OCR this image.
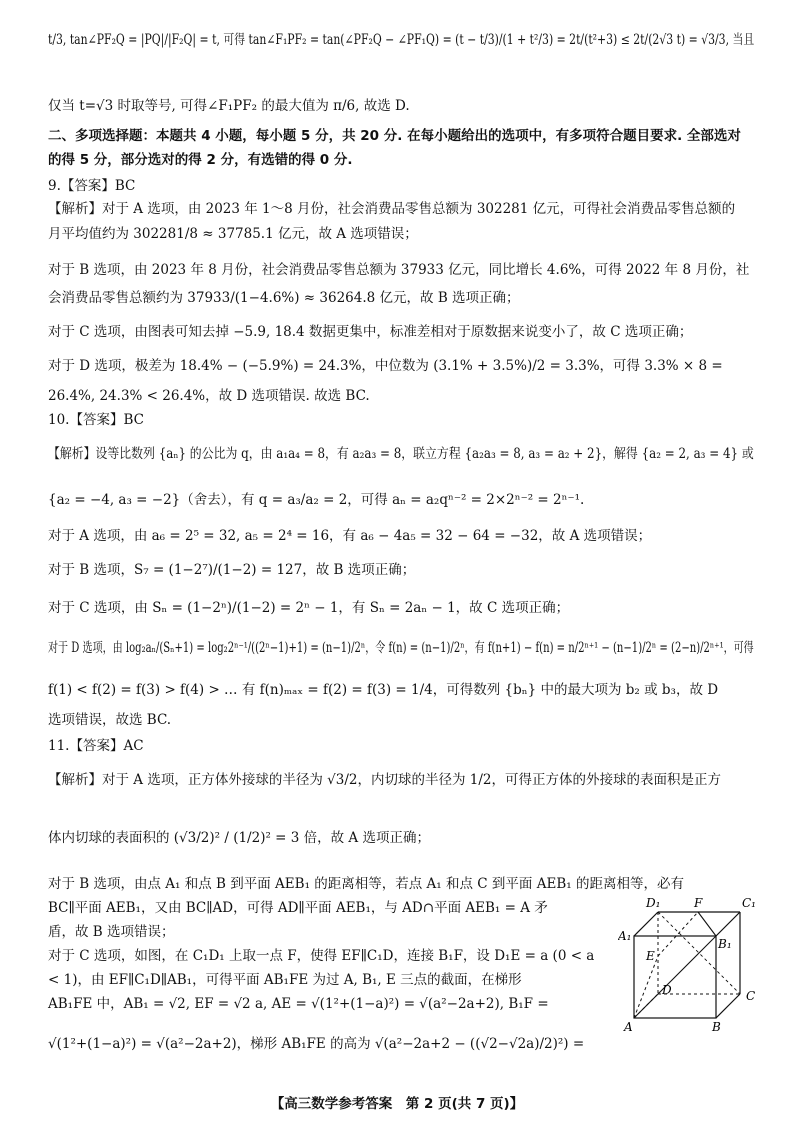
t/3, tan∠PF₂Q = |PQ|/|F₂Q| = t, 可得 tan∠F₁PF₂ = tan(∠PF₂Q − ∠PF₁Q) = (t − t/3)/(1 + t²/3) = 2t/(t²+3) ≤ 2t/(2√3 t) = √3/3, 当且
仅当 t=√3 时取等号, 可得∠F₁PF₂ 的最大值为 π/6, 故选 D.
二、多项选择题：本题共 4 小题，每小题 5 分，共 20 分. 在每小题给出的选项中，有多项符合题目要求. 全部选对
的得 5 分，部分选对的得 2 分，有选错的得 0 分.
9.【答案】BC
【解析】对于 A 选项，由 2023 年 1～8 月份，社会消费品零售总额为 302281 亿元，可得社会消费品零售总额的
月平均值约为 302281/8 ≈ 37785.1 亿元，故 A 选项错误；
对于 B 选项，由 2023 年 8 月份，社会消费品零售总额为 37933 亿元，同比增长 4.6%，可得 2022 年 8 月份，社
会消费品零售总额约为 37933/(1−4.6%) ≈ 36264.8 亿元，故 B 选项正确；
对于 C 选项，由图表可知去掉 −5.9, 18.4 数据更集中，标准差相对于原数据来说变小了，故 C 选项正确；
对于 D 选项，极差为 18.4% − (−5.9%) = 24.3%，中位数为 (3.1% + 3.5%)/2 = 3.3%，可得 3.3% × 8 =
26.4%, 24.3% < 26.4%，故 D 选项错误. 故选 BC.
10.【答案】BC
【解析】设等比数列 {aₙ} 的公比为 q，由 a₁a₄ = 8，有 a₂a₃ = 8，联立方程 {a₂a₃ = 8, a₃ = a₂ + 2}，解得 {a₂ = 2, a₃ = 4} 或
{a₂ = −4, a₃ = −2}（舍去），有 q = a₃/a₂ = 2，可得 aₙ = a₂qⁿ⁻² = 2×2ⁿ⁻² = 2ⁿ⁻¹.
对于 A 选项，由 a₆ = 2⁵ = 32, a₅ = 2⁴ = 16，有 a₆ − 4a₅ = 32 − 64 = −32，故 A 选项错误；
对于 B 选项，S₇ = (1−2⁷)/(1−2) = 127，故 B 选项正确；
对于 C 选项，由 Sₙ = (1−2ⁿ)/(1−2) = 2ⁿ − 1，有 Sₙ = 2aₙ − 1，故 C 选项正确；
对于 D 选项，由 log₂aₙ/(Sₙ+1) = log₂2ⁿ⁻¹/((2ⁿ−1)+1) = (n−1)/2ⁿ，令 f(n) = (n−1)/2ⁿ，有 f(n+1) − f(n) = n/2ⁿ⁺¹ − (n−1)/2ⁿ = (2−n)/2ⁿ⁺¹，可得
f(1) < f(2) = f(3) > f(4) > … 有 f(n)ₘₐₓ = f(2) = f(3) = 1/4，可得数列 {bₙ} 中的最大项为 b₂ 或 b₃，故 D
选项错误，故选 BC.
11.【答案】AC
【解析】对于 A 选项，正方体外接球的半径为 √3/2，内切球的半径为 1/2，可得正方体的外接球的表面积是正方
体内切球的表面积的 (√3/2)² / (1/2)² = 3 倍，故 A 选项正确；
对于 B 选项，由点 A₁ 和点 B 到平面 AEB₁ 的距离相等，若点 A₁ 和点 C 到平面 AEB₁ 的距离相等，必有
BC∥平面 AEB₁，又由 BC∥AD，可得 AD∥平面 AEB₁，与 AD∩平面 AEB₁ = A 矛
盾，故 B 选项错误；
对于 C 选项，如图，在 C₁D₁ 上取一点 F，使得 EF∥C₁D，连接 B₁F，设 D₁E = a (0 < a
< 1)，由 EF∥C₁D∥AB₁，可得平面 AB₁FE 为过 A, B₁, E 三点的截面，在梯形
AB₁FE 中，AB₁ = √2, EF = √2 a, AE = √(1²+(1−a)²) = √(a²−2a+2), B₁F =
√(1²+(1−a)²) = √(a²−2a+2)，梯形 AB₁FE 的高为 √(a²−2a+2 − ((√2−√2a)/2)²) =
D₁	F	C₁
A₁
B₁
E
D	C
A	B
【高三数学参考答案　第 2 页(共 7 页)】
